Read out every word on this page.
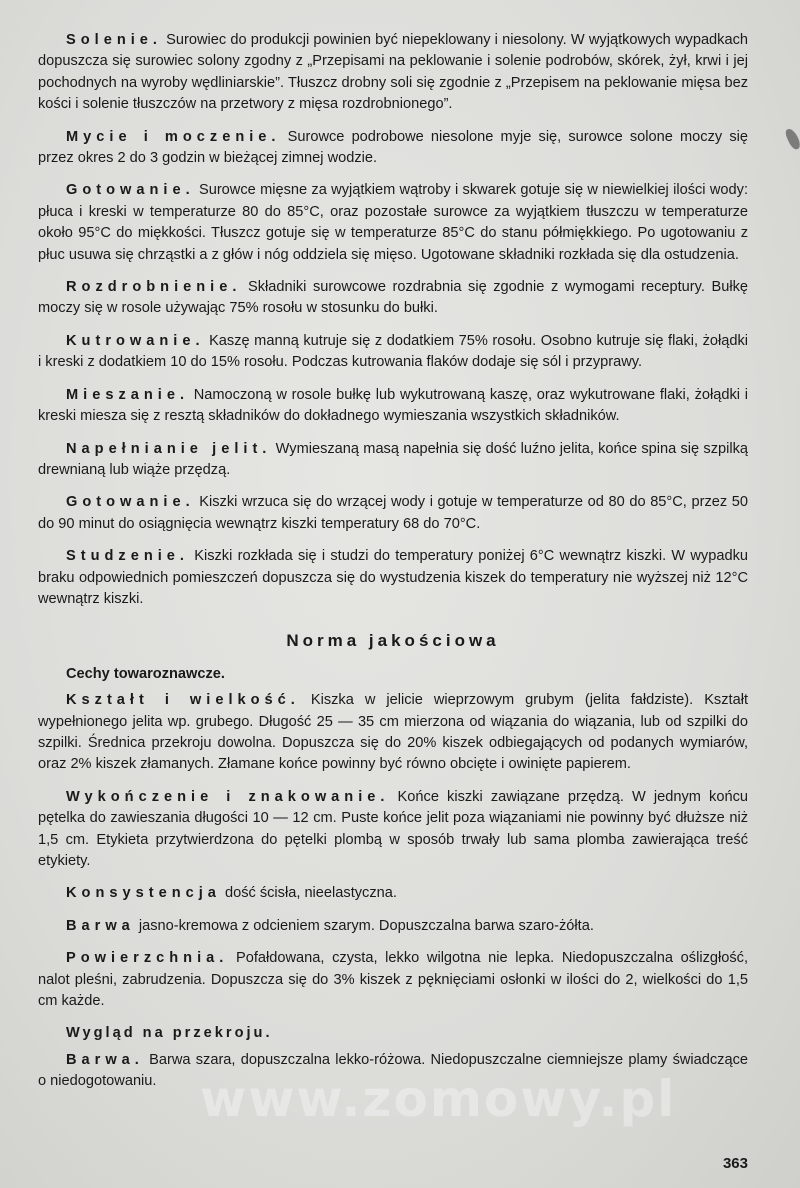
Solenie. Surowiec do produkcji powinien być niepeklowany i niesolony. W wyjątkowych wypadkach dopuszcza się surowiec solony zgodny z „Przepisami na peklowanie i solenie podrobów, skórek, żył, krwi i jej pochodnych na wyroby wędliniarskie”. Tłuszcz drobny soli się zgodnie z „Przepisem na peklowanie mięsa bez kości i solenie tłuszczów na przetwory z mięsa rozdrobnionego”.

Mycie i moczenie. Surowce podrobowe niesolone myje się, surowce solone moczy się przez okres 2 do 3 godzin w bieżącej zimnej wodzie.

Gotowanie. Surowce mięsne za wyjątkiem wątroby i skwarek gotuje się w niewielkiej ilości wody: płuca i kreski w temperaturze 80 do 85°C, oraz pozostałe surowce za wyjątkiem tłuszczu w temperaturze około 95°C do miękkości. Tłuszcz gotuje się w temperaturze 85°C do stanu półmiękkiego. Po ugotowaniu z płuc usuwa się chrząstki a z głów i nóg oddziela się mięso. Ugotowane składniki rozkłada się dla ostudzenia.

Rozdrobnienie. Składniki surowcowe rozdrabnia się zgodnie z wymogami receptury. Bułkę moczy się w rosole używając 75% rosołu w stosunku do bułki.

Kutrowanie. Kaszę manną kutruje się z dodatkiem 75% rosołu. Osobno kutruje się flaki, żołądki i kreski z dodatkiem 10 do 15% rosołu. Podczas kutrowania flaków dodaje się sól i przyprawy.

Mieszanie. Namoczoną w rosole bułkę lub wykutrowaną kaszę, oraz wykutrowane flaki, żołądki i kreski miesza się z resztą składników do dokładnego wymieszania wszystkich składników.

Napełnianie jelit. Wymieszaną masą napełnia się dość luźno jelita, końce spina się szpilką drewnianą lub wiąże przędzą.

Gotowanie. Kiszki wrzuca się do wrzącej wody i gotuje w temperaturze od 80 do 85°C, przez 50 do 90 minut do osiągnięcia wewnątrz kiszki temperatury 68 do 70°C.

Studzenie. Kiszki rozkłada się i studzi do temperatury poniżej 6°C wewnątrz kiszki. W wypadku braku odpowiednich pomieszczeń dopuszcza się do wystudzenia kiszek do temperatury nie wyższej niż 12°C wewnątrz kiszki.

Norma jakościowa
Cechy towaroznawcze.

Kształt i wielkość. Kiszka w jelicie wieprzowym grubym (jelita fałdziste). Kształt wypełnionego jelita wp. grubego. Długość 25 — 35 cm mierzona od wiązania do wiązania, lub od szpilki do szpilki. Średnica przekroju dowolna. Dopuszcza się do 20% kiszek odbiegających od podanych wymiarów, oraz 2% kiszek złamanych. Złamane końce powinny być równo obcięte i owinięte papierem.

Wykończenie i znakowanie. Końce kiszki zawiązane przędzą. W jednym końcu pętelka do zawieszania długości 10 — 12 cm. Puste końce jelit poza wiązaniami nie powinny być dłuższe niż 1,5 cm. Etykieta przytwierdzona do pętelki plombą w sposób trwały lub sama plomba zawierająca treść etykiety.

Konsystencja dość ścisła, nieelastyczna.

Barwa jasno-kremowa z odcieniem szarym. Dopuszczalna barwa szaro-żółta.

Powierzchnia. Pofałdowana, czysta, lekko wilgotna nie lepka. Niedopuszczalna oślizgłość, nalot pleśni, zabrudzenia. Dopuszcza się do 3% kiszek z pęknięciami osłonki w ilości do 2, wielkości do 1,5 cm każde.

Wygląd na przekroju.

Barwa. Barwa szara, dopuszczalna lekko-różowa. Niedopuszczalne ciemniejsze plamy świadczące o niedogotowaniu. www.zomowy.pl
363
